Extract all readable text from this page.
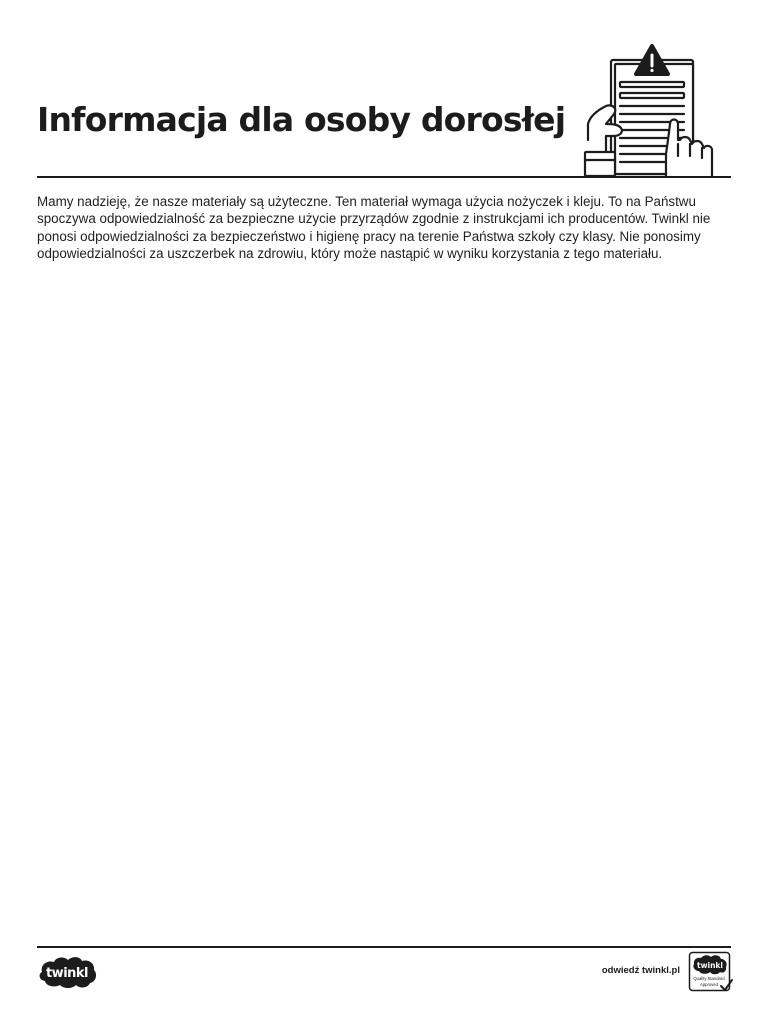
Informacja dla osoby dorosłej

Mamy nadzieję, że nasze materiały są użyteczne. Ten materiał wymaga użycia nożyczek i kleju. To na Państwu spoczywa odpowiedzialność za bezpieczne użycie przyrządów zgodnie z instrukcjami ich producentów. Twinkl nie ponosi odpowiedzialności za bezpieczeństwo i higienę pracy na terenie Państwa szkoły czy klasy. Nie ponosimy odpowiedzialności za uszczerbek na zdrowiu, który może nastąpić w wyniku korzystania z tego materiału.

twinkl	odwiedź twinkl.pl twinkl
Quality Standard
Approved
